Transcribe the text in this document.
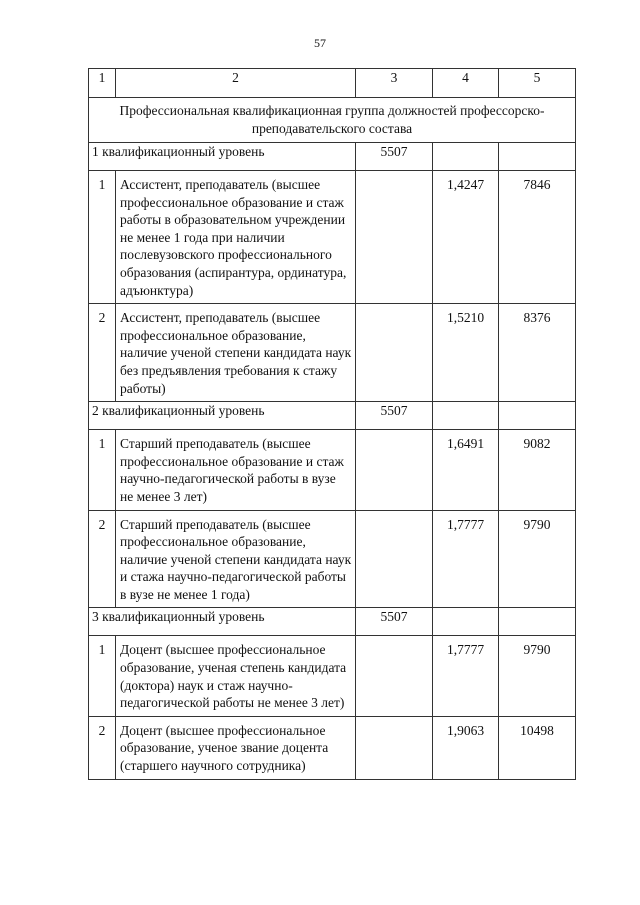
57
1	2	3	4	5
Профессиональная квалификационная группа должностей профессорско-преподавательского состава				
1 квалификационный уровень		5507		
1	Ассистент, преподаватель (высшее профессиональное образование и стаж работы в образовательном учреждении не менее 1 года при наличии послевузовского профессионального образования (аспирантура, ординатура, адъюнктура)		1,4247	7846
2	Ассистент, преподаватель (высшее профессиональное образование, наличие ученой степени кандидата наук без предъявления требования к стажу работы)		1,5210	8376
2 квалификационный уровень		5507		
1	Старший преподаватель (высшее профессиональное образование и стаж научно-педагогической работы в вузе не менее 3 лет)		1,6491	9082
2	Старший преподаватель (высшее профессиональное образование, наличие ученой степени кандидата наук и стажа научно-педагогической работы в вузе не менее 1 года)		1,7777	9790
3 квалификационный уровень		5507		
1	Доцент (высшее профессиональное образование, ученая степень кандидата (доктора) наук и стаж научно-педагогической работы не менее 3 лет)		1,7777	9790
2	Доцент (высшее профессиональное образование, ученое звание доцента (старшего научного сотрудника)		1,9063	10498
